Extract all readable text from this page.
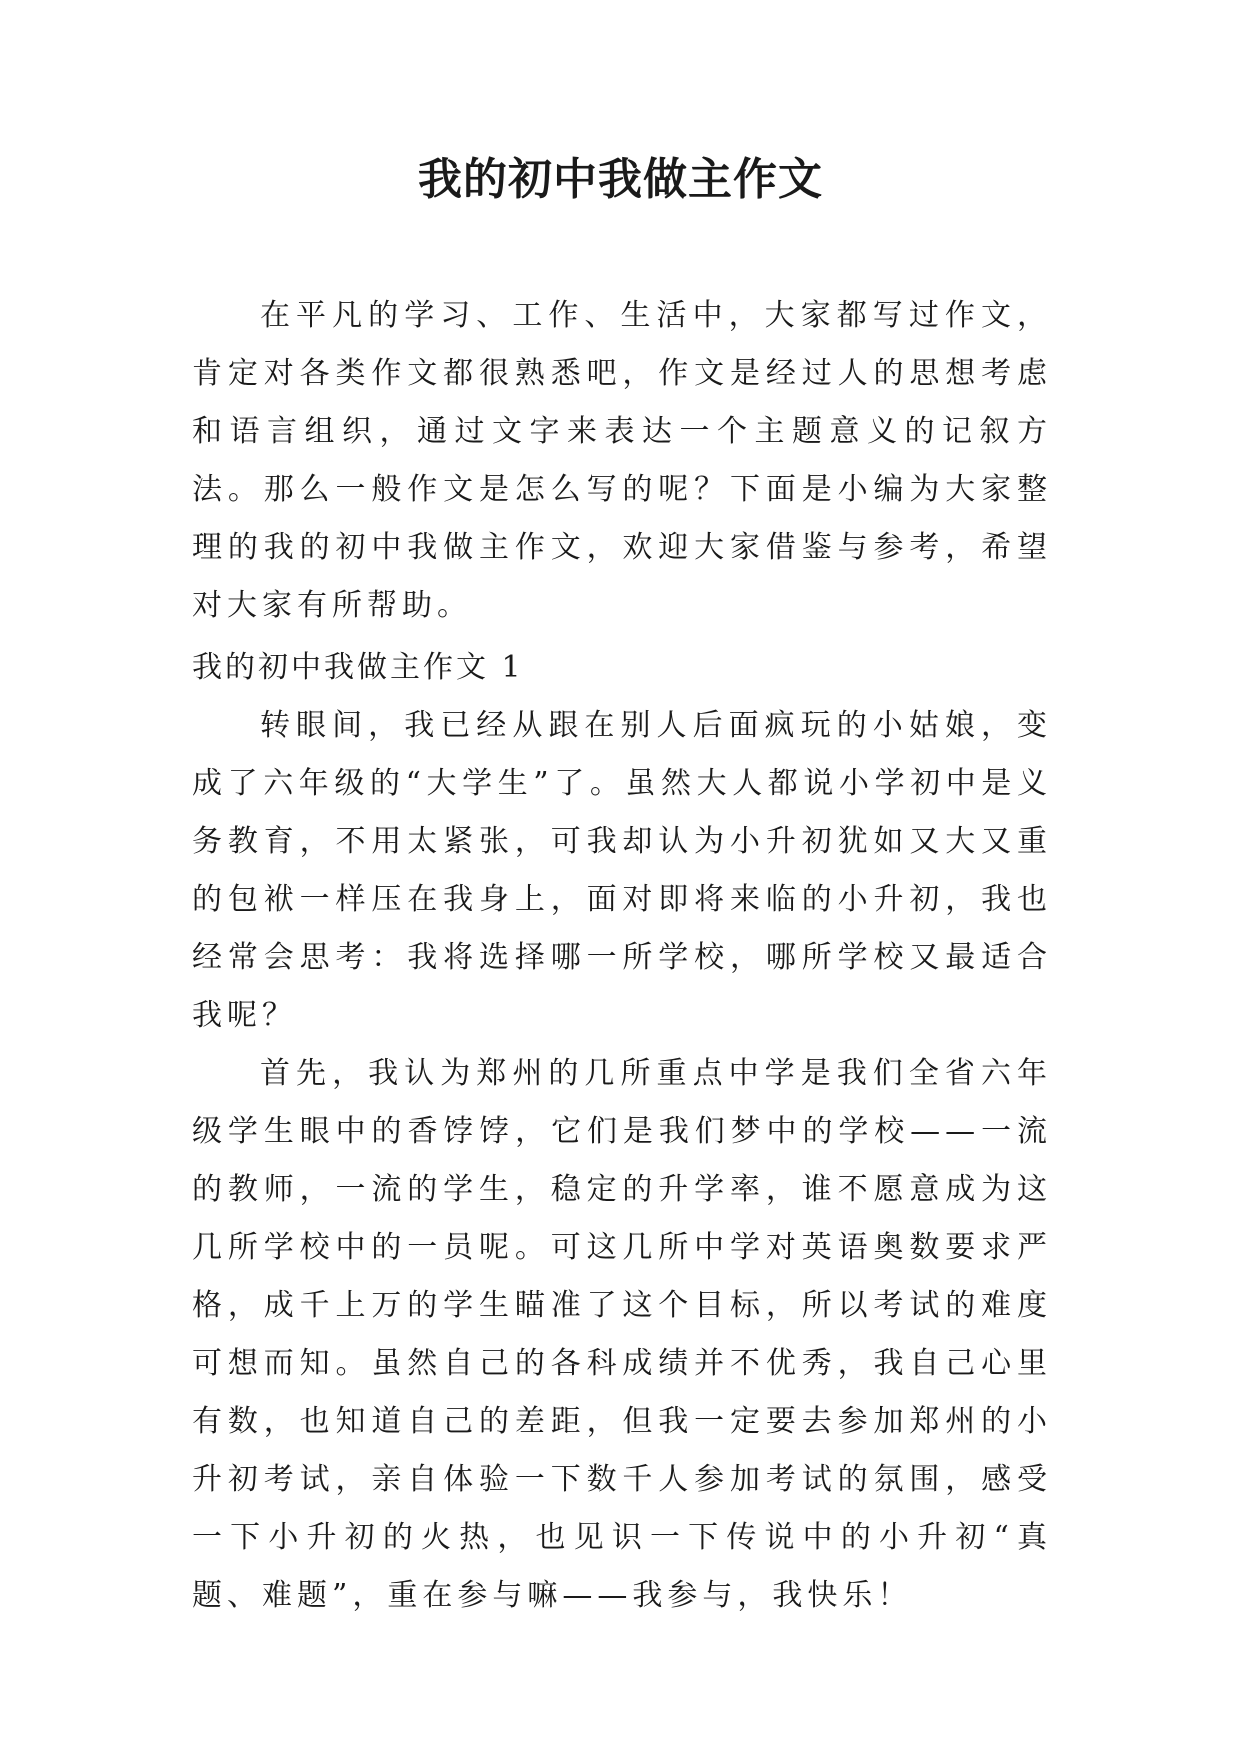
我的初中我做主作文

在平凡的学习、工作、生活中，大家都写过作文，肯定对各类作文都很熟悉吧，作文是经过人的思想考虑和语言组织，通过文字来表达一个主题意义的记叙方法。那么一般作文是怎么写的呢？下面是小编为大家整理的我的初中我做主作文，欢迎大家借鉴与参考，希望对大家有所帮助。

我的初中我做主作文 1

转眼间，我已经从跟在别人后面疯玩的小姑娘，变成了六年级的“大学生”了。虽然大人都说小学初中是义务教育，不用太紧张，可我却认为小升初犹如又大又重的包袱一样压在我身上，面对即将来临的小升初，我也经常会思考：我将选择哪一所学校，哪所学校又最适合我呢？

首先，我认为郑州的几所重点中学是我们全省六年级学生眼中的香饽饽，它们是我们梦中的学校——一流的教师，一流的学生，稳定的升学率，谁不愿意成为这几所学校中的一员呢。可这几所中学对英语奥数要求严格，成千上万的学生瞄准了这个目标，所以考试的难度可想而知。虽然自己的各科成绩并不优秀，我自己心里有数，也知道自己的差距，但我一定要去参加郑州的小升初考试，亲自体验一下数千人参加考试的氛围，感受一下小升初的火热，也见识一下传说中的小升初“真题、难题”，重在参与嘛——我参与，我快乐！
